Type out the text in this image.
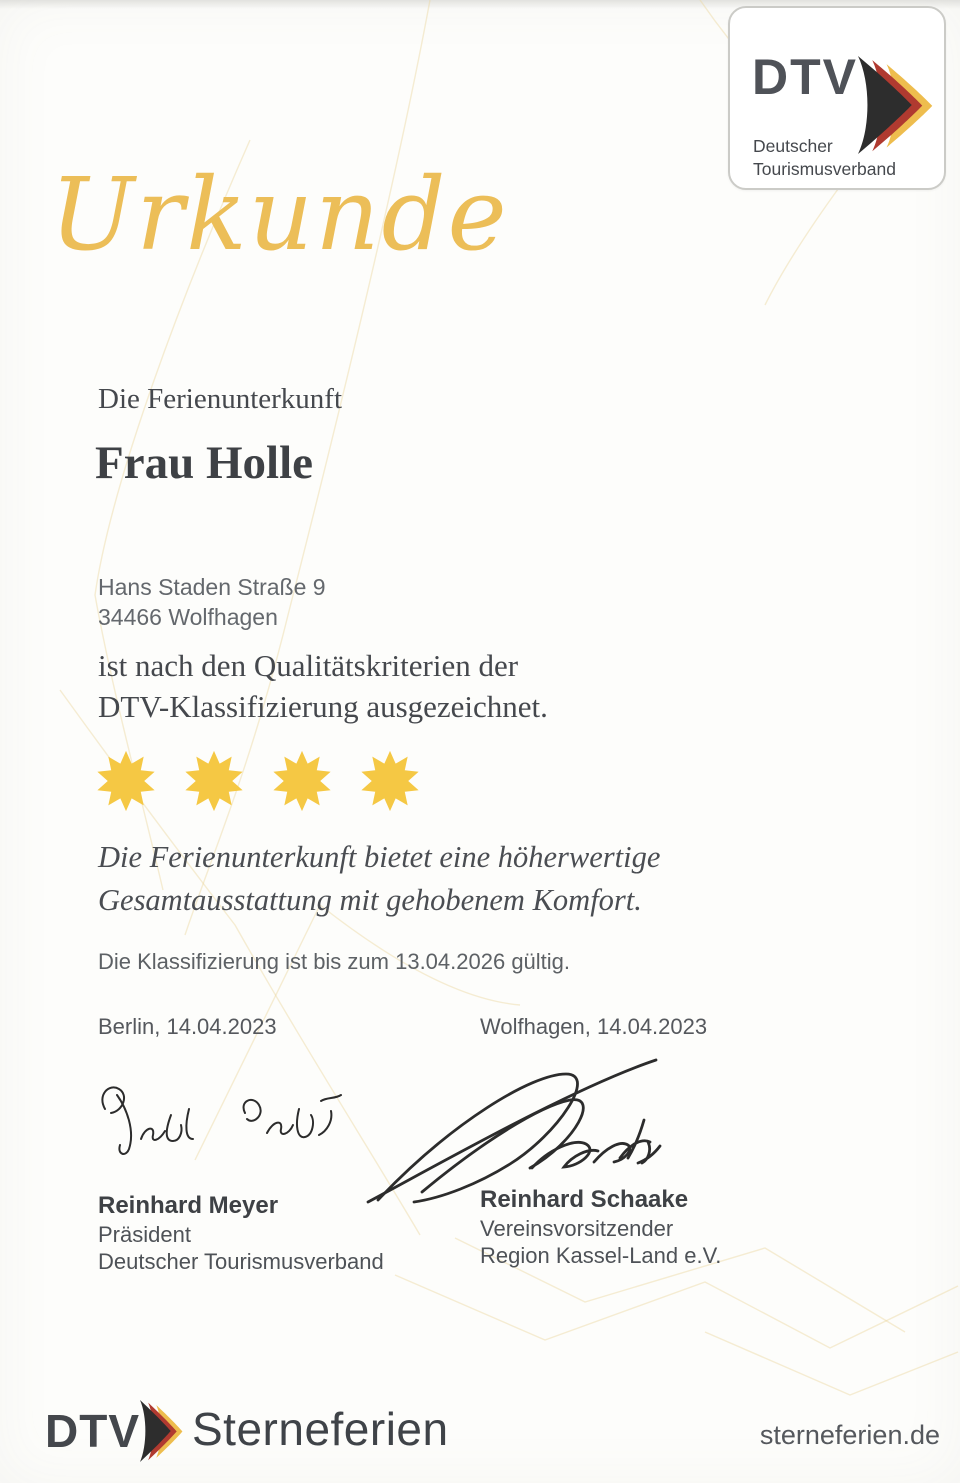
DTV
Deutscher
Tourismusverband
Urkunde
Die Ferienunterkunft
Frau Holle
Hans Staden Straße 9
34466 Wolfhagen
ist nach den Qualitätskriterien der
DTV-Klassifizierung ausgezeichnet.
Die Ferienunterkunft bietet eine höherwertige
Gesamtausstattung mit gehobenem Komfort.
Die Klassifizierung ist bis zum 13.04.2026 gültig.
Berlin, 14.04.2023	Wolfhagen, 14.04.2023
Reinhard Meyer
Präsident
Deutscher Tourismusverband
Reinhard Schaake
Vereinsvorsitzender
Region Kassel-Land e.V.
DTV Sterneferien	sterneferien.de
